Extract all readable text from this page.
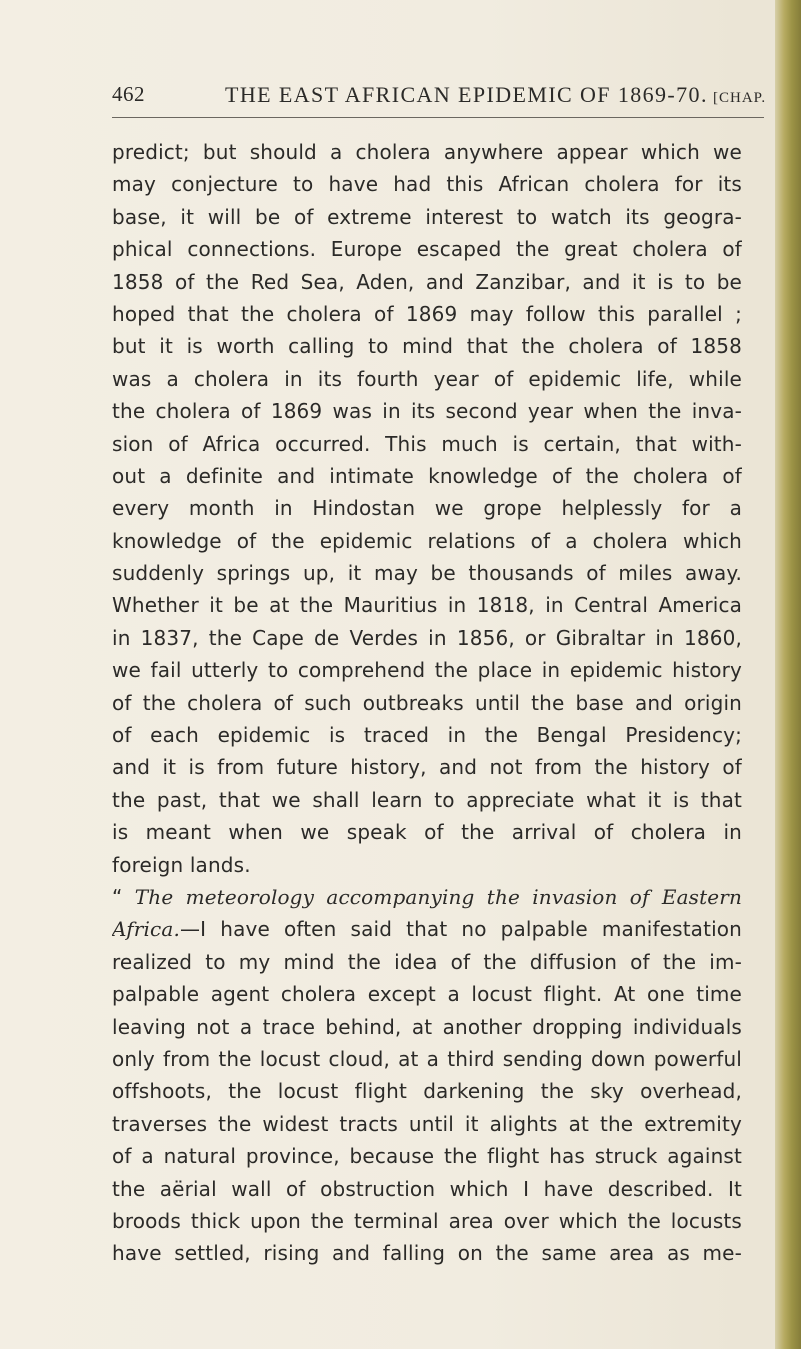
462	THE EAST AFRICAN EPIDEMIC OF 1869-70. [CHAP.
predict; but should a cholera anywhere appear which we
may conjecture to have had this African cholera for its
base, it will be of extreme interest to watch its geogra-
phical connections. Europe escaped the great cholera of
1858 of the Red Sea, Aden, and Zanzibar, and it is to be
hoped that the cholera of 1869 may follow this parallel ;
but it is worth calling to mind that the cholera of 1858
was a cholera in its fourth year of epidemic life, while
the cholera of 1869 was in its second year when the inva-
sion of Africa occurred. This much is certain, that with-
out a definite and intimate knowledge of the cholera of
every month in Hindostan we grope helplessly for a
knowledge of the epidemic relations of a cholera which
suddenly springs up, it may be thousands of miles away.
Whether it be at the Mauritius in 1818, in Central America
in 1837, the Cape de Verdes in 1856, or Gibraltar in 1860,
we fail utterly to comprehend the place in epidemic history
of the cholera of such outbreaks until the base and origin
of each epidemic is traced in the Bengal Presidency;
and it is from future history, and not from the history of
the past, that we shall learn to appreciate what it is that
is meant when we speak of the arrival of cholera in
foreign lands.
“ The meteorology accompanying the invasion of Eastern
Africa.—I have often said that no palpable manifestation
realized to my mind the idea of the diffusion of the im-
palpable agent cholera except a locust flight. At one time
leaving not a trace behind, at another dropping individuals
only from the locust cloud, at a third sending down powerful
offshoots, the locust flight darkening the sky overhead,
traverses the widest tracts until it alights at the extremity
of a natural province, because the flight has struck against
the aërial wall of obstruction which I have described. It
broods thick upon the terminal area over which the locusts
have settled, rising and falling on the same area as me-
